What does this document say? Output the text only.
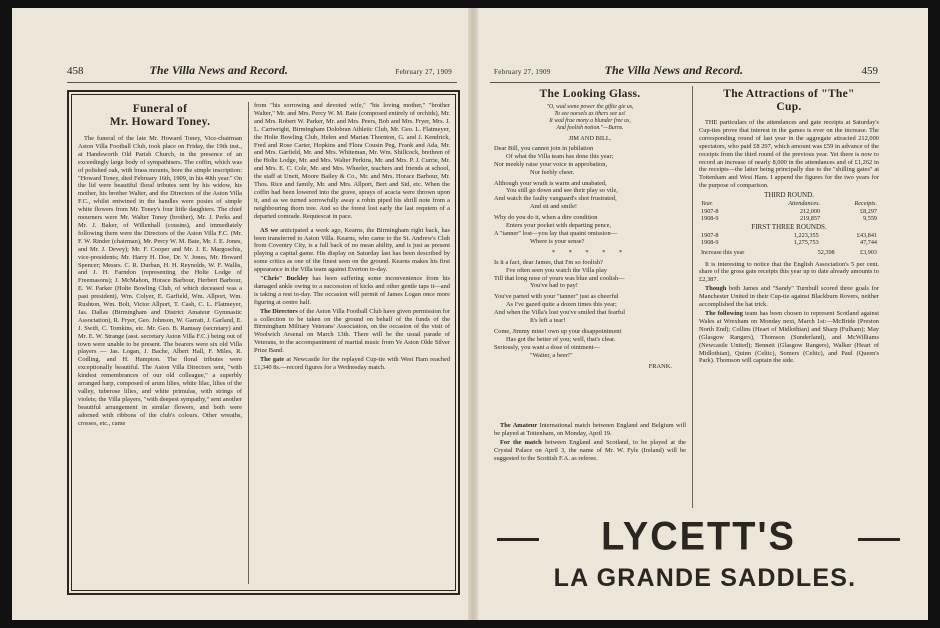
458	The Villa News and Record.	February 27, 1909
Funeral of
Mr. Howard Toney.

The funeral of the late Mr. Howard Toney, Vice-chairman Aston Villa Football Club, took place on Friday, the 19th inst., at Handsworth Old Parish Church, in the presence of an exceedingly large body of sympathisers. The coffin, which was of polished oak, with brass mounts, bore the simple inscription: "Howard Toney, died February 16th, 1909, in his 40th year." On the lid were beautiful floral tributes sent by his widow, his mother, his brother Walter, and the Directors of the Aston Villa F.C., whilst entwined in the handles were posies of simple white flowers from Mr. Toney's four little daughters. The chief mourners were Mr. Walter Toney (brother), Mr. J. Perks and Mr. J. Baker, of Willenhall (cousins), and immediately following them were the Directors of the Aston Villa F.C. (Mr. F. W. Rinder (chairman), Mr. Percy W. M. Bate, Mr. J. E. Jones, and Mr. J. Devey); Mr. F. Cooper and Mr. J. E. Margoschis, vice-presidents; Mr. Harry H. Doe, Dr. V. Jones, Mr. Howard Spencer; Messrs. C. R. Durban, H. H. Reynolds, W. F. Wallis, and J. H. Farndon (representing the Holte Lodge of Freemasons); J. McMahon, Horace Barbour, Herbert Barbour, E. W. Parker (Holte Bowling Club, of which deceased was a past president), Wm. Colyer, E. Garfield, Wm. Allport, Wm. Rushton, Wm. Bolt, Victor Allport, T. Cash, C. L. Flatmeyer, Jas. Dallas (Birmingham and District Amateur Gymnastic Association), R. Fryer, Geo. Johnson, W. Garratt, J. Garland, E. J. Swift, C. Tomkins, etc. Mr. Geo. B. Ramsay (secretary) and Mr. E. W. Strange (asst. secretary Aston Villa F.C.) being out of town were unable to be present. The bearers were six old Villa players — Jas. Logan, J. Bache, Albert Hall, F. Miles, R. Codling, and H. Hampton. The floral tributes were exceptionally beautiful. The Aston Villa Directors sent, "with kindest remembrances of our old colleague," a superbly arranged harp, composed of arum lilies, white lilac, lilies of the valley, tuberose lilies, and white primulas, with strings of violets; the Villa players, "with deepest sympathy," sent another beautiful arrangement in similar flowers, and both were adorned with ribbons of the club's colours. Other wreaths, crosses, etc., came

from "his sorrowing and devoted wife," "his loving mother," "brother Walter," Mr. and Mrs. Percy W. M. Bate (composed entirely of orchids), Mr. and Mrs. Robert W. Parker, Mr. and Mrs. Peers, Bob and Mrs. Fryer, Mrs. J. L. Cartwright, Birmingham Dolobran Athletic Club, Mr. Geo. L. Flatmeyer, the Holte Bowling Club, Helen and Marian Thornton, G. and J. Kendrick, Fred and Rose Carter, Hopkins and Flora Cousin Peg, Frank and Ada, Mr. and Mrs. Garfield, Mr. and Mrs. Whiteman, Mr. Wm. Shillcock, brethren of the Holte Lodge, Mr. and Mrs. Walter Perkins, Mr. and Mrs. P. J. Currie, Mr. and Mrs. E. C. Cole, Mr. and Mrs. Wheeler, teachers and friends at school, the staff at Unett, Moore Bailey & Co., Mr. and Mrs. Horace Barbour, Mr. Thos. Rice and family, Mr. and Mrs. Allport, Bert and Sid, etc. When the coffin had been lowered into the grave, sprays of acacia were thrown upon it, and as we turned sorrowfully away a robin piped his shrill note from a neighbouring thorn tree. And so the forest lost early the last requiem of a departed comrade. Requiescat in pace.

AS we anticipated a week ago, Kearns, the Birmingham right back, has been transferred to Aston Villa. Kearns, who came to the St. Andrew's Club from Coventry City, is a full back of no mean ability, and is just as present playing a capital game. His display on Saturday last has been described by some critics as one of the finest seen on the ground. Kearns makes his first appearance in the Villa team against Everton to-day.

"Chris" Buckley has been suffering some inconvenience from his damaged ankle owing to a succession of kicks and other gentle taps it—and is taking a rest to-day. The occasion will permit of James Logan once more figuring at centre half.

The Directors of the Aston Villa Football Club have given permission for a collection to be taken on the ground on behalf of the funds of the Birmingham Military Veterans' Association, on the occasion of the visit of Woolwich Arsenal on March 13th. There will be the usual parade of Veterans, to the accompaniment of martial music from Ye Aston Olde Silver Prize Band.

The gate at Newcastle for the replayed Cup-tie with West Ham reached £1,340 8s.—record figures for a Wednesday match.

February 27, 1909	The Villa News and Record.	459
The Looking Glass.
"O, wad some power the giftie gie us,
To see oursels as ithers see us!
It wad frae mony a blunder free us,
And foolish notion."—Burns.
JIM AND BILL.
Dear Bill, you cannot join in jubilation
Of what the Villa team has done this year;
Nor meekly raise your voice in approbation,
Nor feebly cheer.
Although your wrath is warm and unabated,
You still go down and see their play so vile,
And watch the faulty vanguard's shot frustrated,
And sit and smile!
Why do you do it, when a dire condition
Enters your pocket with departing pence,
A "tanner" lost—you lay that quaint omission—
Where is your sense?
* * * * *
Is it a fact, dear James, that I'm so foolish?
I've often seen you watch the Villa play
Till that long nose of yours was blue and coolish—
You've had to pay!
You've parted with your "tanner" just as cheerful
As I've gazed quite a dozen times this year;
And when the Villa's lost you've smiled that fearful
It's left a tear!
Come, Jimmy mine! own up your disappointment
Has got the better of you; well, that's clear.
Seriously, you want a dose of ointment—
"Waiter, a beer!"
FRANK.

The Amateur International match between England and Belgium will be played at Tottenham, on Monday, April 19.

For the match between England and Scotland, to be played at the Crystal Palace on April 3, the name of Mr. W. Fyle (Ireland) will be suggested to the Scottish F.A. as referee.

The Attractions of "The"
Cup.

THE particulars of the attendances and gate receipts at Saturday's Cup-ties prove that interest in the games is ever on the increase. The corresponding round of last year in the aggregate attracted 212,000 spectators, who paid £8 297, which amount was £59 in advance of the receipts from the third round of the previous year. Yet there is now to record an increase of nearly 8,000 in the attendances and of £1,262 in the receipts—the latter being principally due to the "shilling gates" at Tottenham and West Ham. I append the figures for the two years for the purpose of comparison.

THIRD ROUND.
Year.	Attendances.	Receipts.
1907-8	212,000	£8,297
1908-9	219,857	9,559
FIRST THREE ROUNDS.
1907-8	1,223,355	£43,841
1908-9	1,275,753	47,744
Increase this year	52,398	£3,903

It is interesting to notice that the English Association's 5 per cent. share of the gross gate receipts this year up to date already amounts to £2,387.

Though both James and "Sandy" Turnbull scored three goals for Manchester United in their Cup-tie against Blackburn Rovers, neither accomplished the hat trick.

The following team has been chosen to represent Scotland against Wales at Wrexham on Monday next, March 1st:—McBride (Preston North End); Collins (Heart of Midlothian) and Sharp (Fulham); May (Glasgow Rangers), Thomson (Sunderland), and McWilliams (Newcastle United); Bennett (Glasgow Rangers), Walker (Heart of Midlothian), Quinn (Celtic), Somers (Celtic), and Paul (Queen's Park). Thomson will captain the side.

LYCETT'S
LA GRANDE SADDLES.
